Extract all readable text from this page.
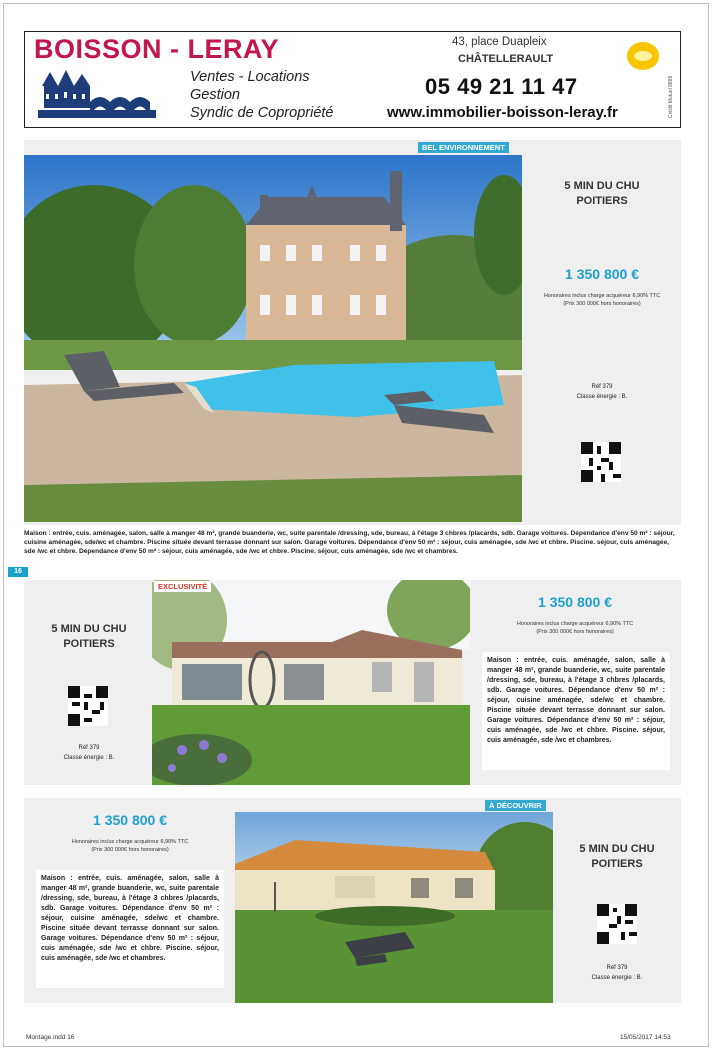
BOISSON - LERAY
Ventes - Locations
Gestion
Syndic de Copropriété
43, place Duapleix
CHÂTELLERAULT
05 49 21 11 47
www.immobilier-boisson-leray.fr	Crédit Mutuel 8888
BEL ENVIRONNEMENT
5 MIN DU CHU
POITIERS
1 350 800 €
Honoraires inclus charge acquéreur 6,90% TTC
(Prix 300 000€ hors honoraires)
Réf 379
Classe énergie : B.
Maison : entrée, cuis. aménagée, salon, salle à manger 48 m², grande buanderie, wc, suite parentale /dressing, sde, bureau, à l'étage 3 chbres /placards, sdb. Garage voitures. Dépendance d'env 50 m² : séjour, cuisine aménagée, sde/wc et chambre. Piscine située devant terrasse donnant sur salon. Garage voitures. Dépendance d'env 50 m² : séjour, cuis aménagée, sde /wc et chbre. Piscine. séjour, cuis aménagée, sde /wc et chbre. Dépendance d'env 50 m² : séjour, cuis aménagée, sde /wc et chbre. Piscine. séjour, cuis aménagée, sde /wc et chambres.
16
5 MIN DU CHU
POITIERS
Réf 379
Classe énergie : B.
EXCLUSIVITÉ
1 350 800 €
Honoraires inclus charge acquéreur 6,90% TTC
(Prix 300 000€ hors honoraires)
Maison : entrée, cuis. aménagée, salon, salle à manger 48 m², grande buanderie, wc, suite parentale /dressing, sde, bureau, à l'étage 3 chbres /placards, sdb. Garage voitures. Dépendance d'env 50 m² : séjour, cuisine aménagée, sde/wc et chambre. Piscine située devant terrasse donnant sur salon. Garage voitures. Dépendance d'env 50 m² : séjour, cuis aménagée, sde /wc et chbre. Piscine. séjour, cuis aménagée, sde /wc et chambres.
1 350 800 €
Honoraires inclus charge acquéreur 6,90% TTC
(Prix 300 000€ hors honoraires)
Maison : entrée, cuis. aménagée, salon, salle à manger 48 m², grande buanderie, wc, suite parentale /dressing, sde, bureau, à l'étage 3 chbres /placards, sdb. Garage voitures. Dépendance d'env 50 m² : séjour, cuisine aménagée, sde/wc et chambre. Piscine située devant terrasse donnant sur salon. Garage voitures. Dépendance d'env 50 m² : séjour, cuis aménagée, sde /wc et chbre. Piscine. séjour, cuis aménagée, sde /wc et chambres.
À DÉCOUVRIR
5 MIN DU CHU
POITIERS
Réf 379
Classe énergie : B.
Montage.indd 16	15/05/2017 14:53
